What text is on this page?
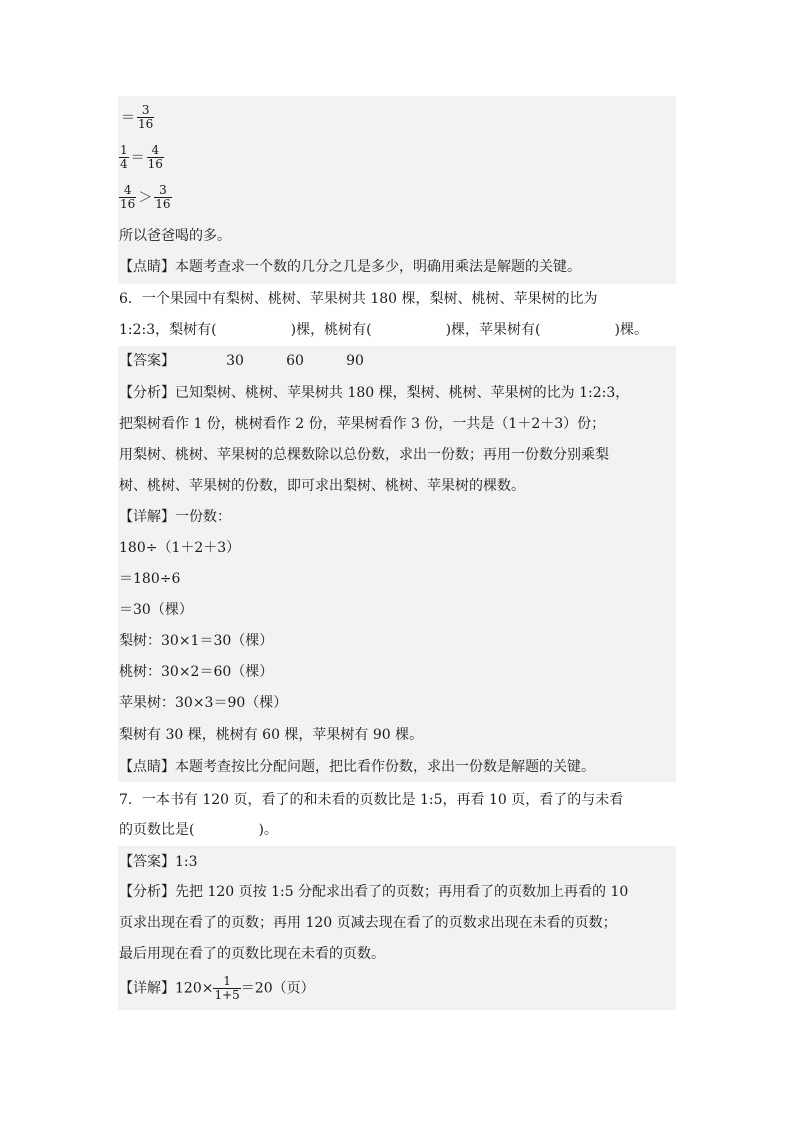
＝ $\frac{3}{16}$
$\frac{1}{4} = \frac{4}{16}$
$\frac{4}{16} > \frac{3}{16}$
所以爸爸喝的多。
【点睛】本题考查求一个数的几分之几是多少，明确用乘法是解题的关键。
6．一个果园中有梨树、桃树、苹果树共 180 棵，梨树、桃树、苹果树的比为
1:2:3，梨树有(	)棵，桃树有(	)棵，苹果树有(	)棵。
【答案】	30	60	90
【分析】已知梨树、桃树、苹果树共 180 棵，梨树、桃树、苹果树的比为 1:2:3，
把梨树看作 1 份，桃树看作 2 份，苹果树看作 3 份，一共是（1＋2＋3）份；
用梨树、桃树、苹果树的总棵数除以总份数，求出一份数；再用一份数分别乘梨
树、桃树、苹果树的份数，即可求出梨树、桃树、苹果树的棵数。
【详解】一份数：
180÷（1＋2＋3）
＝180÷6
＝30（棵）
梨树：30×1＝30（棵）
桃树：30×2＝60（棵）
苹果树：30×3＝90（棵）
梨树有 30 棵，桃树有 60 棵，苹果树有 90 棵。
【点睛】本题考查按比分配问题，把比看作份数，求出一份数是解题的关键。
7．一本书有 120 页，看了的和未看的页数比是 1:5，再看 10 页，看了的与未看
的页数比是(	)。
【答案】1:3
【分析】先把 120 页按 1:5 分配求出看了的页数；再用看了的页数加上再看的 10
页求出现在看了的页数；再用 120 页减去现在看了的页数求出现在未看的页数；
最后用现在看了的页数比现在未看的页数。
【详解】$120\times \frac{1}{1+5} =20$（页）
